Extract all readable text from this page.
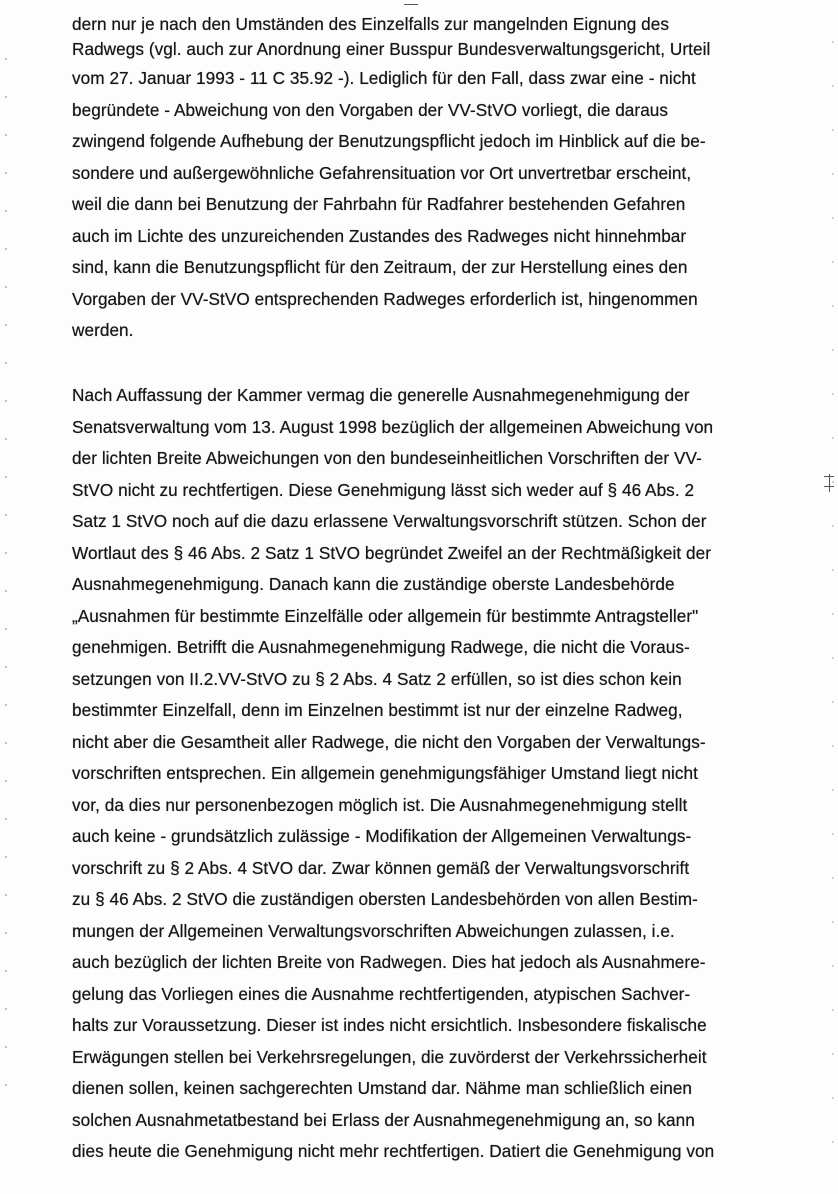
dern nur je nach den Umständen des Einzelfalls zur mangelnden Eignung des
Radwegs (vgl. auch zur Anordnung einer Busspur Bundesverwaltungsgericht, Urteil
vom 27. Januar 1993 - 11 C 35.92 -). Lediglich für den Fall, dass zwar eine - nicht
begründete - Abweichung von den Vorgaben der VV-StVO vorliegt, die daraus
zwingend folgende Aufhebung der Benutzungspflicht jedoch im Hinblick auf die be-
sondere und außergewöhnliche Gefahrensituation vor Ort unvertretbar erscheint,
weil die dann bei Benutzung der Fahrbahn für Radfahrer bestehenden Gefahren
auch im Lichte des unzureichenden Zustandes des Radweges nicht hinnehmbar
sind, kann die Benutzungspflicht für den Zeitraum, der zur Herstellung eines den
Vorgaben der VV-StVO entsprechenden Radweges erforderlich ist, hingenommen
werden.
Nach Auffassung der Kammer vermag die generelle Ausnahmegenehmigung der
Senatsverwaltung vom 13. August 1998 bezüglich der allgemeinen Abweichung von
der lichten Breite Abweichungen von den bundeseinheitlichen Vorschriften der VV-
StVO nicht zu rechtfertigen. Diese Genehmigung lässt sich weder auf § 46 Abs. 2
Satz 1 StVO noch auf die dazu erlassene Verwaltungsvorschrift stützen. Schon der
Wortlaut des § 46 Abs. 2 Satz 1 StVO begründet Zweifel an der Rechtmäßigkeit der
Ausnahmegenehmigung. Danach kann die zuständige oberste Landesbehörde
„Ausnahmen für bestimmte Einzelfälle oder allgemein für bestimmte Antragsteller"
genehmigen. Betrifft die Ausnahmegenehmigung Radwege, die nicht die Voraus-
setzungen von II.2.VV-StVO zu § 2 Abs. 4 Satz 2 erfüllen, so ist dies schon kein
bestimmter Einzelfall, denn im Einzelnen bestimmt ist nur der einzelne Radweg,
nicht aber die Gesamtheit aller Radwege, die nicht den Vorgaben der Verwaltungs-
vorschriften entsprechen. Ein allgemein genehmigungsfähiger Umstand liegt nicht
vor, da dies nur personenbezogen möglich ist. Die Ausnahmegenehmigung stellt
auch keine - grundsätzlich zulässige - Modifikation der Allgemeinen Verwaltungs-
vorschrift zu § 2 Abs. 4 StVO dar. Zwar können gemäß der Verwaltungsvorschrift
zu § 46 Abs. 2 StVO die zuständigen obersten Landesbehörden von allen Bestim-
mungen der Allgemeinen Verwaltungsvorschriften Abweichungen zulassen, i.e.
auch bezüglich der lichten Breite von Radwegen. Dies hat jedoch als Ausnahmere-
gelung das Vorliegen eines die Ausnahme rechtfertigenden, atypischen Sachver-
halts zur Voraussetzung. Dieser ist indes nicht ersichtlich. Insbesondere fiskalische
Erwägungen stellen bei Verkehrsregelungen, die zuvörderst der Verkehrssicherheit
dienen sollen, keinen sachgerechten Umstand dar. Nähme man schließlich einen
solchen Ausnahmetatbestand bei Erlass der Ausnahmegenehmigung an, so kann
dies heute die Genehmigung nicht mehr rechtfertigen. Datiert die Genehmigung von
